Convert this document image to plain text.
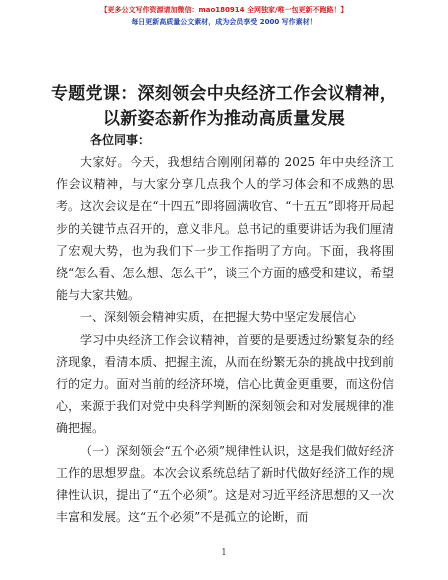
【更多公文写作资源请加微信：mao180914 全网独家/唯一包更新不跑路！】
每日更新高质量公文素材，成为会员享受 2000 写作素材！
专题党课：深刻领会中央经济工作会议精神，
以新姿态新作为推动高质量发展
各位同事：

大家好。今天，我想结合刚刚闭幕的 2025 年中央经济工作会议精神，与大家分享几点我个人的学习体会和不成熟的思考。这次会议是在“十四五”即将圆满收官、“十五五”即将开局起步的关键节点召开的，意义非凡。总书记的重要讲话为我们厘清了宏观大势，也为我们下一步工作指明了方向。下面，我将围绕“怎么看、怎么想、怎么干”，谈三个方面的感受和建议，希望能与大家共勉。

一、深刻领会精神实质，在把握大势中坚定发展信心

学习中央经济工作会议精神，首要的是要透过纷繁复杂的经济现象，看清本质、把握主流，从而在纷繁无杂的挑战中找到前行的定力。面对当前的经济环境，信心比黄金更重要，而这份信心，来源于我们对党中央科学判断的深刻领会和对发展规律的准确把握。

（一）深刻领会“五个必须”规律性认识，这是我们做好经济工作的思想罗盘。本次会议系统总结了新时代做好经济工作的规律性认识，提出了“五个必须”。这是对习近平经济思想的又一次丰富和发展。这“五个必须”不是孤立的论断，而

1
